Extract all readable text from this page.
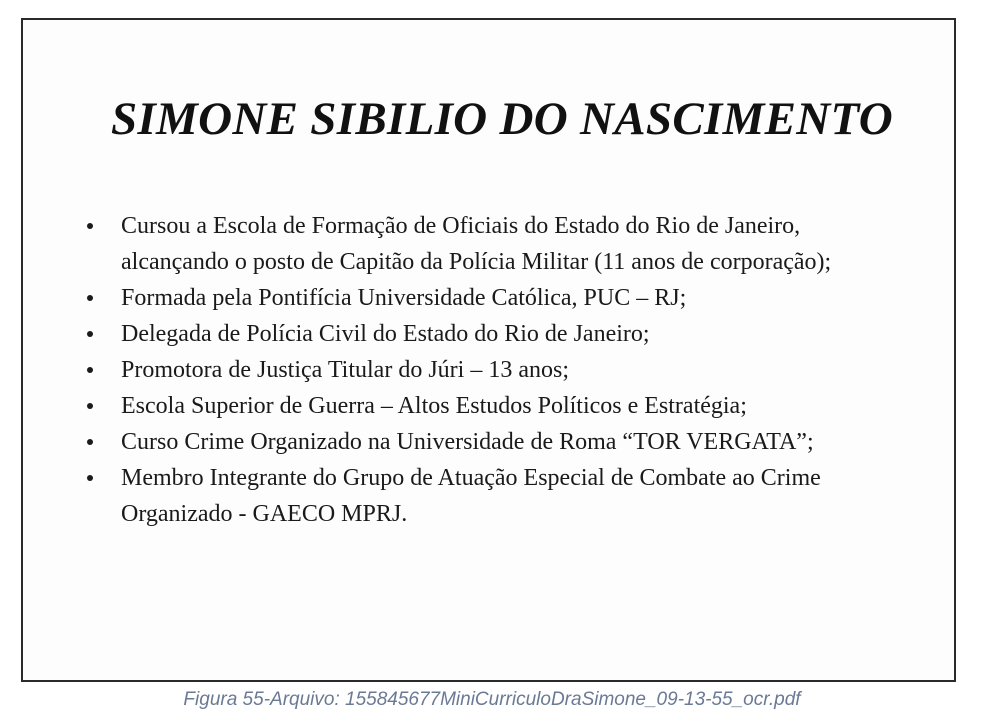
SIMONE SIBILIO DO NASCIMENTO
Cursou a Escola de Formação de Oficiais do Estado do Rio de Janeiro, alcançando o posto de Capitão da Polícia Militar (11 anos de corporação);
Formada pela Pontifícia Universidade Católica, PUC – RJ;
Delegada de Polícia Civil do Estado do Rio de Janeiro;
Promotora de Justiça Titular do Júri – 13 anos;
Escola Superior de Guerra – Altos Estudos Políticos e Estratégia;
Curso Crime Organizado na Universidade de Roma “TOR VERGATA”;
Membro Integrante do Grupo de Atuação Especial de Combate ao Crime Organizado - GAECO MPRJ.

Figura 55-Arquivo: 155845677MiniCurriculoDraSimone_09-13-55_ocr.pdf
